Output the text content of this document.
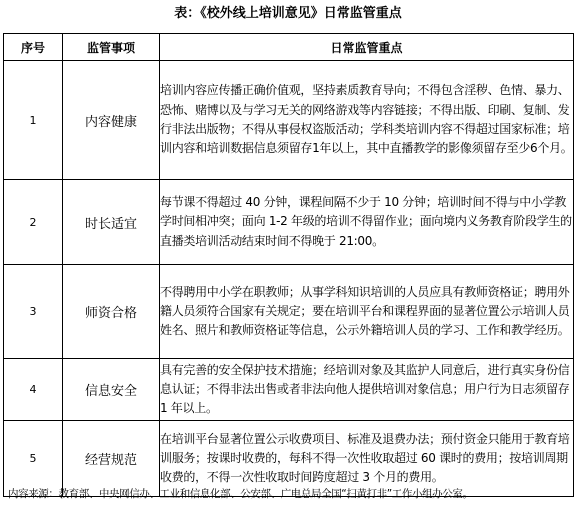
表：《校外线上培训意见》日常监管重点
序号	监管事项	日常监管重点
1	内容健康	培训内容应传播正确价值观，坚持素质教育导向；不得包含淫秽、色情、暴力、恐怖、赌博以及与学习无关的网络游戏等内容链接；不得出版、印刷、复制、发行非法出版物；不得从事侵权盗版活动；学科类培训内容不得超过国家标准；培训内容和培训数据信息须留存1年以上，其中直播教学的影像须留存至少6个月。
2	时长适宜	每节课不得超过 40 分钟，课程间隔不少于 10 分钟；培训时间不得与中小学教学时间相冲突；面向 1-2 年级的培训不得留作业；面向境内义务教育阶段学生的直播类培训活动结束时间不得晚于 21:00。
3	师资合格	不得聘用中小学在职教师；从事学科知识培训的人员应具有教师资格证；聘用外籍人员须符合国家有关规定；要在培训平台和课程界面的显著位置公示培训人员姓名、照片和教师资格证等信息，公示外籍培训人员的学习、工作和教学经历。
4	信息安全	具有完善的安全保护技术措施；经培训对象及其监护人同意后，进行真实身份信息认证；不得非法出售或者非法向他人提供培训对象信息；用户行为日志须留存 1 年以上。
5	经营规范	在培训平台显著位置公示收费项目、标准及退费办法；预付资金只能用于教育培训服务；按课时收费的，每科不得一次性收取超过 60 课时的费用；按培训周期收费的，不得一次性收取时间跨度超过 3 个月的费用。
内容来源：教育部、中央网信办、工业和信息化部、公安部、广电总局全国“扫黄打非”工作小组办公室。
